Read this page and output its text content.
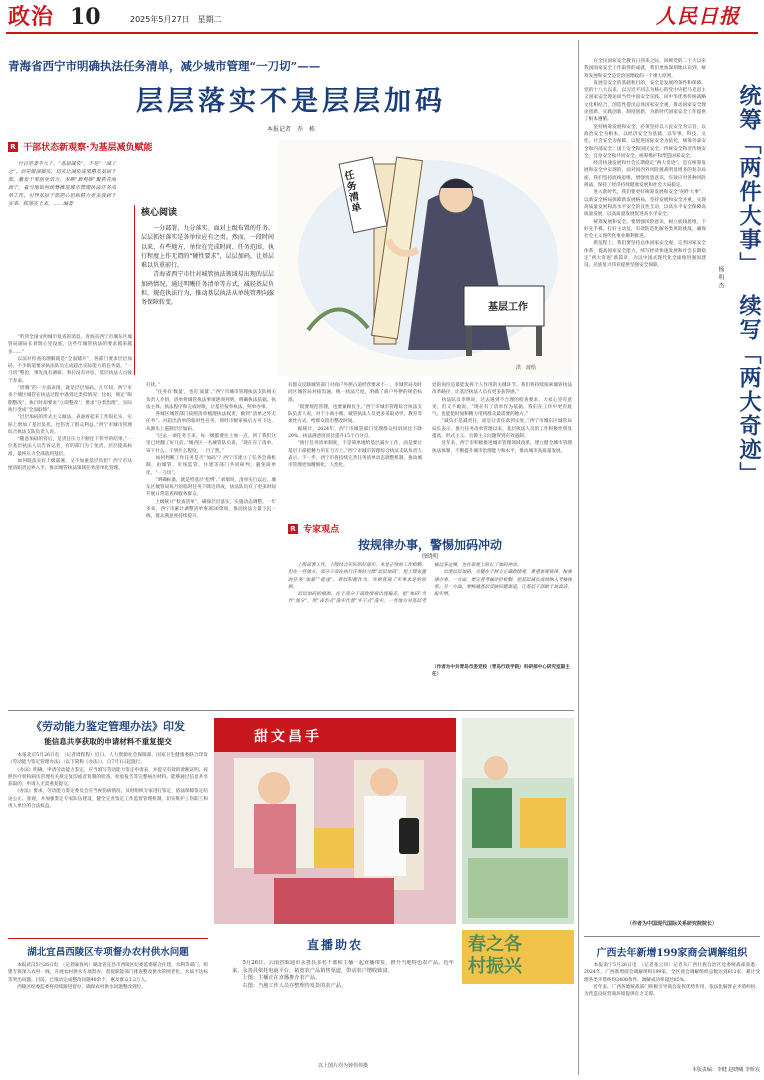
政治 10	2025年5月27日　星期二	人民日报
青海省西宁市明确执法任务清单，减少城市管理“一刀切”——
层层落实不是层层加码
本报记者　乔　栋
R 干部状态新观察·为基层减负赋能
　　行百里者半九十。“基层减负”，不是“一减了之”，而是做深做实，切实让减负成果惠及基层干部，激发干事创业活力。本期“新观察”聚焦青海西宁，看当地如何统筹推进城市管理执法任务清单工作，引导基层干部把心思和精力更多放到干实事、抓落实上来。……编者
核心阅读
　　一分部署，九分落实。面对上级布置的任务，层层抓好落实是各单位应有之责。然而，一段时间以来，有些地方、单位在完成时间、任务范围、执行程度上作无谓的“硬性要求”，层层加码，让基层难以负重前行。
　　青海省西宁市针对城管执法领域易出现的层层加码情况，通过明晰任务清单等方式，减轻基层负担，规范执法行为，推动基层执法从单纯管理向服务保障转变。
任务清单
基层工作
洪　波绘
　　“听到全国文明城市复查的消息，青海省西宁市城东区城管局副局长刘瑞心里没底，这些年城管执法的要求越来越多……”
　　以前对检查的理解就是“全面铺开”，各部门要求层层加码，不少街道要求执法队员完成超出实际能力的任务量。“一刀切”整治，事先没有调研，事后没有评估，基层执法人员疲于奔命。
　　“折腾”的一方面表现，就是层层加码。几年间，西宁市多个城区城管在执法过程中遇到过类似情况：比如，规定“限期整改”，执行时却要求“立即整改”；要求“分类治理”，实际执行变成“全面取缔”。
　　“层层加码的形式主义做法，表面看起来工作很扎实，实际上增加了基层负担，也伤害了群众利益。”西宁市城市管理综合执法支队负责人说。
　　“随意加码的背后，是责任压力不断往下传导的结果。”一位基层执法人员告诉记者，有的部门为了免责，层层提高标准，最终压力全部落到基层。
　　如何既落实好上级部署，又不加重基层负担？西宁市从厘清职责边界入手，推动城管执法领域任务清单化管理。
打扰。”
　　“任务有‘数量’，也有‘质量’。”西宁市城市管理执法支队相关负责人介绍，清单将城管执法事项逐项列明，明确执法依据、执法主体、执法程序和完成时限，让基层按单执法、照单办事。
　　各城区城管部门按照清单梳理执法权责，做到“清单之外无任务”。对超出清单的临时性任务，须经市级审核后方可下达，从源头上遏制层层加码。
　　“过去一项任务下来，每一级都要往上加一点，到了我们这里已经翻了好几倍。”城西区一名城管队员说，“现在有了清单，该干什么、干到什么程度，一目了然。”
　　如何判断工作任务是否“加码”？西宁市建立了任务会商机制，由城管、市场监管、住建等部门共同研判，避免简单化、“一刀切”。
　　“明确标准，就是给基层‘松绑’。”刘瑞说，清单实行以后，城东区城管局每月的临时任务下降近四成，执法队员有了更多时间开展日常巡查和服务群众。
　　上级统计“检查清单”，确保层层落实，实施动态调整。一年多来，西宁市累计调整清单事项30余项，推动执法力量下沉一线，群众满意度持续提升。
有群众反映城管部门对商户外摆占道经营要求不一，市城管局及时同区城管局对接沟通，统一执法尺度，明确了商户外摆的规范标准。
　　“既要规范管理，也要兼顾民生。”西宁市城市管理综合执法支队负责人说，对于小商小贩，城管执法人员更多采取劝导、教育等柔性方式，给群众留出整改时间。
　　据统计，2024年，西宁市城管部门受理群众投诉同比下降20%，执法满意度同比提升15个百分点。
　　“推行任务清单制度，不是简单地给基层减少工作，而是要让基层干部把精力用在刀刃上。”西宁市城市管理综合执法支队负责人表示，下一步，西宁市将持续完善任务清单动态调整机制，推动城市管理更加精细化、人性化。
处的岗位是最能发挥个人作用的关键环节。我们将持续探索城管执法改革路径，让基层执法人员有更多获得感。”
　　执法队员李明说，过去遇到不合理的检查要求，大家心里有意见，但又不敢说。“现在有了清单作为依据，我们在工作中更有底气，也能把时间和精力用到群众最需要的地方。”
　　“减负不是减责任，而是让责任落到实处。”西宁市城东区城管局局长表示，推行任务清单管理以来，基层执法人员的工作积极性明显提高，形式主义、官僚主义问题得到有效遏制。
　　近年来，西宁市积极推进城市管理领域改革，建立健全城市管理执法体制，不断提升城市治理能力和水平，推动城市高质量发展。
R 专家观点
按规律办事，警惕加码冲动
徐晓明
　　上级部署工作，下级结合实际抓好落实，本是正常的工作机制。但在一些地方，部分干部在执行任务时习惯“层层加码”，把上级布置的任务“加量”“提速”，看似积极作为，实则背离了实事求是的原则。
　　层层加码的根源，在于部分干部政绩观出现偏差，把“加码”当作“加分”，用“表态式”落实代替“实干式”落实。一些地方对基层考核过多过频，也在客观上助长了加码冲动。
　　治理层层加码，关键在于树立正确政绩观，尊重客观规律，按规律办事。一方面，要完善考核评价机制，把基层减负成效纳入考核体系；另一方面，要畅通基层反映问题渠道，让基层干部敢于说真话、报实情。
（作者为中共青岛市委党校（青岛行政学院）科研部中心研究室副主任）
《劳动能力鉴定管理办法》印发
能信息共享获取的申请材料不重复提交
　　本报北京5月26日电　（记者周程程）近日，人力资源社会保障部、国家卫生健康委联合印发《劳动能力鉴定管理办法》（以下简称《办法》），自7月1日起施行。
　　《办法》明确，申请劳动能力鉴定，应当填写劳动能力鉴定申请表，并提交有效的诊断证明、按照医疗机构病历管理有关规定复印或者复制的检查、检验报告等完整病历材料。能够通过信息共享获取的，申请人无需重复提交。
　　《办法》要求，劳动能力鉴定委员会应当视伤病情况，及时组织专家进行鉴定，依法保障鉴定结论公正、客观，并加强鉴定专家队伍建设，健全完善鉴定工作监督管理机制，切实维护工伤职工和用人单位的合法权益。
湖北宜昌西陵区专项督办农村供水问题
　　本报武汉5月26日电　（记者喻春风）湖北省宜昌市西陵区纪委监委联合住建、水利等部门，组建专班深入农村一线，开展农村供水专项督办，督促职能部门排查整改供水管网老化、水质不达标等突出问题。目前，已推动完成整改问题40余个，惠及群众1.2万人。
　　西陵区纪委监委将持续跟进督办，确保农村供水问题整改到位。
甜文昌手
春之各
村振兴
直播助农
　　5月26日，云南省昭通市永善县多名干部和主播一起直播带货，推介当地特色农产品。近年来，永善县依托电商平台，拓宽农产品销售渠道，带动农户增收致富。
　　上图：主播正在直播推介农产品。
　　右图：当地工作人员在整理待发货的农产品。
以上图片均为钟伟伟摄
　　在全民国家安全教育日到来之际，回顾党的二十大以来我国国家安全工作取得的成就，我们更加深刻地认识到，统筹发展和安全是党治国理政的一个重大原则。
　　发展是安全的基础和目的，安全是发展的条件和保障。党的十八大以来，以习近平同志为核心的党中央把马克思主义国家安全理论同当代中国安全实践、同中华优秀传统战略文化相结合，创造性提出总体国家安全观，推动国家安全理论创新、实践创新、制度创新，为新时代国家安全工作提供了根本遵循。
　　坚持统筹发展和安全，必须坚持以人民安全为宗旨，以政治安全为根本，以经济安全为基础，以军事、科技、文化、社会安全为保障，以促进国际安全为依托，统筹外部安全和内部安全、国土安全和国民安全、传统安全和非传统安全、自身安全和共同安全，统筹维护和塑造国家安全。
　　经济快速发展和社会长期稳定“两大奇迹”，是在统筹发展和安全中实现的。面对国内外风险挑战明显增多的复杂局面，我们坚持底线思维，增强忧患意识，有效应对各种风险挑战，保持了经济持续健康发展和社会大局稳定。
　　进入新时代，我们要更好统筹发展和安全“两件大事”，以新安全格局保障新发展格局，坚持发展和安全并重，实现高质量发展和高水平安全的良性互动，以高水平安全保障高质量发展，以高质量发展促进高水平安全。
　　统筹发展和安全，要增强风险意识，树立底线思维，下好先手棋、打好主动仗，有效防范化解各类风险挑战，确保社会主义现代化事业顺利推进。
　　新征程上，我们要坚持总体国家安全观，完善国家安全体系，提高国家安全能力，续写经济快速发展和社会长期稳定“两大奇迹”新篇章，为以中国式现代化全面推进强国建设、民族复兴伟业提供坚强安全保障。	统筹「两件大事」
杨明杰
续写「两大奇迹」
（作者为中国现代国际关系研究院院长）
广西去年新增199家商会调解组织
　　本报南宁5月26日电　（记者张云河）记者从广西壮族自治区党委统战部获悉：2024年，广西新增商会调解组织199家，全区商会调解组织总数达到612家，累计受理各类矛盾纠纷3400余件，调解成功率超过85%。
　　近年来，广西各地统战部门积极引导商会发挥优势作用，依法化解涉企矛盾纠纷，为营造良好营商环境提供有力支撑。
本版责编：李健 赵晓曦 李昕宸
